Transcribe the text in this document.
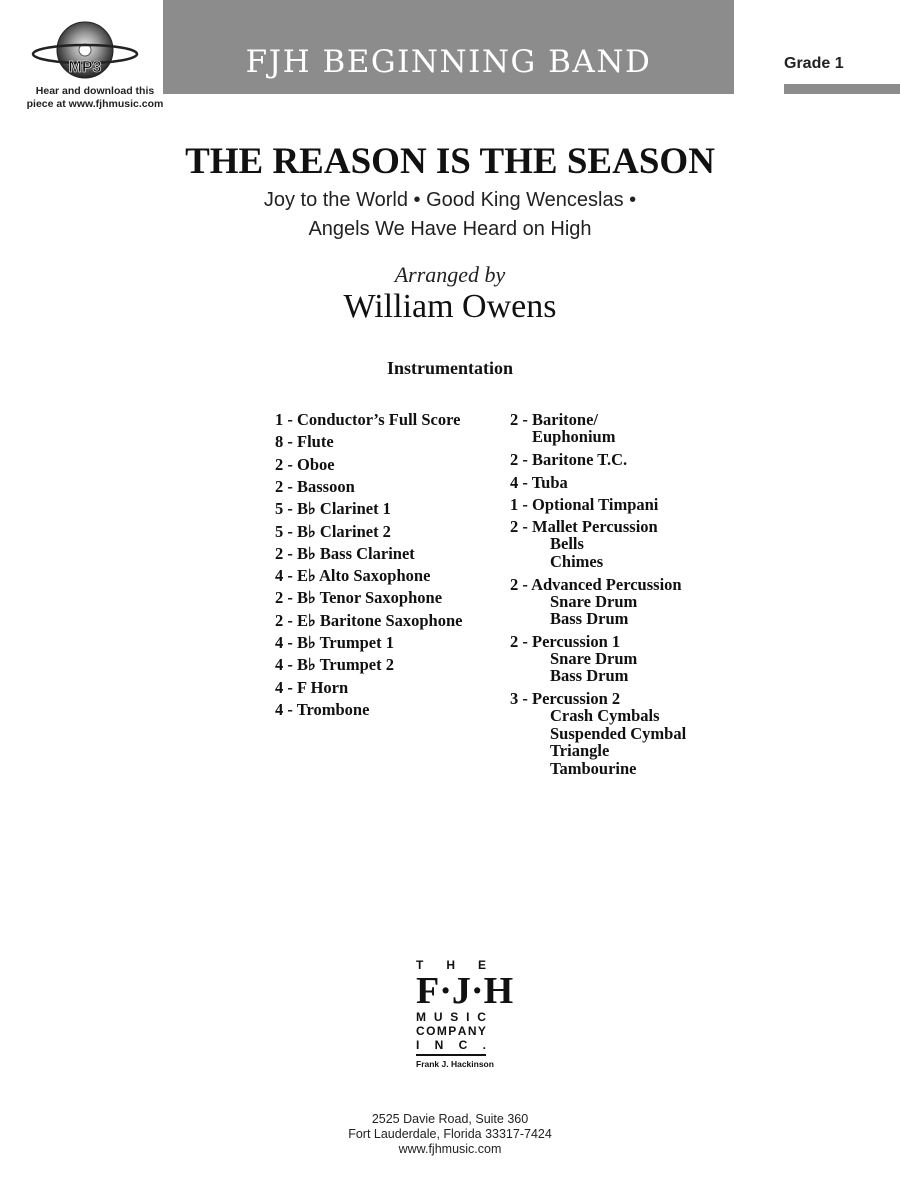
MP3
Hear and download this
piece at www.fjhmusic.com
FJH BEGINNING BAND	Grade 1
THE REASON IS THE SEASON
Joy to the World • Good King Wenceslas •
Angels We Have Heard on High
Arranged by
William Owens
Instrumentation
1 - Conductor’s Full Score
8 - Flute
2 - Oboe
2 - Bassoon
5 - B♭ Clarinet 1
5 - B♭ Clarinet 2
2 - B♭ Bass Clarinet
4 - E♭ Alto Saxophone
2 - B♭ Tenor Saxophone
2 - E♭ Baritone Saxophone
4 - B♭ Trumpet 1
4 - B♭ Trumpet 2
4 - F Horn
4 - Trombone
2 - Baritone/
Euphonium
2 - Baritone T.C.
4 - Tuba
1 - Optional Timpani
2 - Mallet Percussion
Bells
Chimes
2 - Advanced Percussion
Snare Drum
Bass Drum
2 - Percussion 1
Snare Drum
Bass Drum
3 - Percussion 2
Crash Cymbals
Suspended Cymbal
Triangle
Tambourine
T H E
F · J · H
M U S I C
C O M P A N Y
I N C .
Frank J. Hackinson
2525 Davie Road, Suite 360
Fort Lauderdale, Florida 33317-7424
www.fjhmusic.com
